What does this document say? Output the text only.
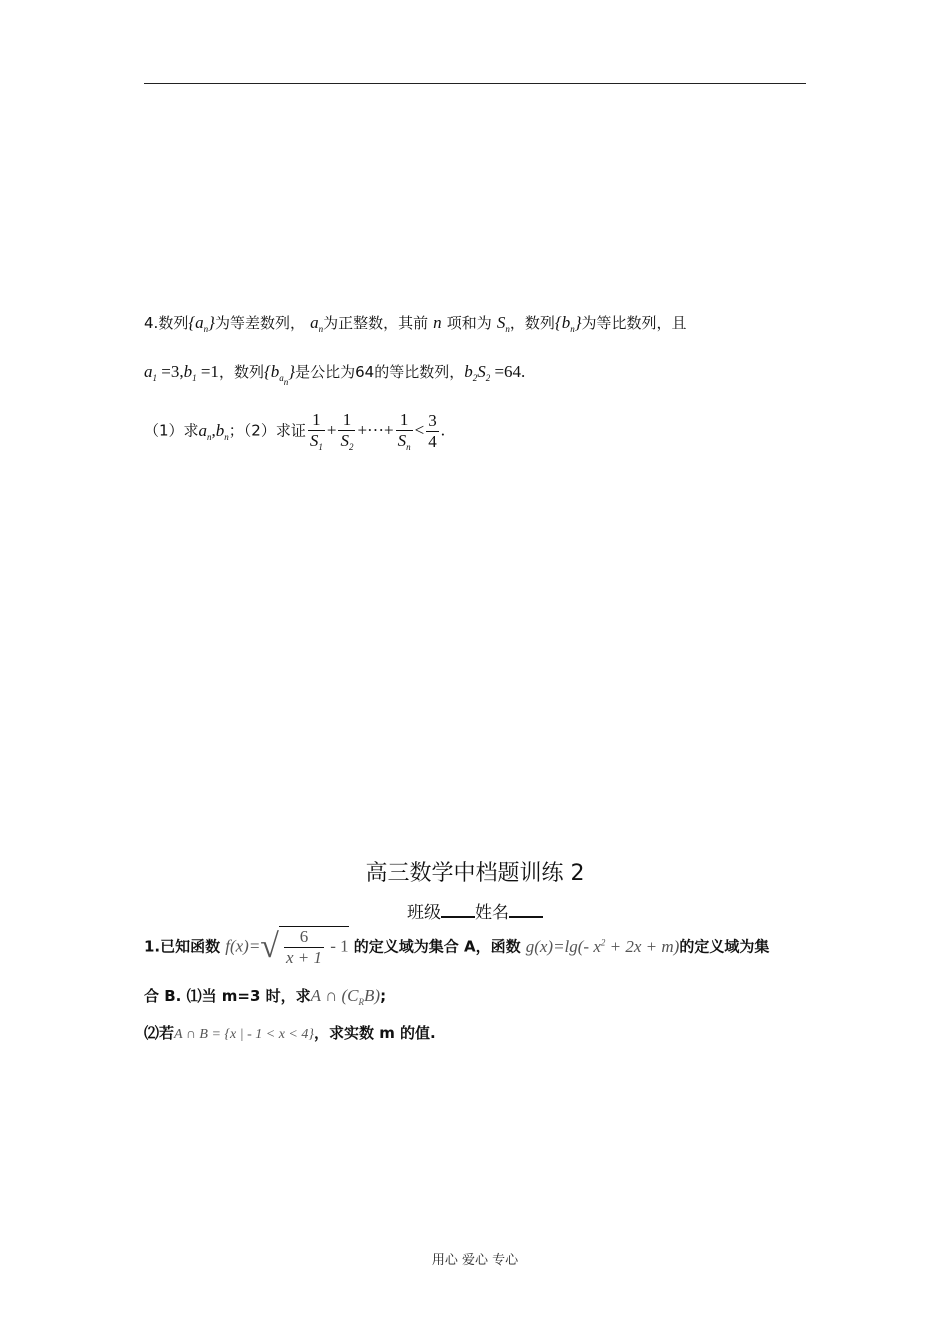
4.数列$\{a_n\}$为等差数列， $a_n$为正整数，其前 n 项和为 $S_n$，数列$\{b_n\}$为等比数列，且
$a_1 =3,b_1 =1$，数列$\{b_{a_n}\}$是公比为64的等比数列，$b_2S_2 =64$.
（1）求$a_n,b_n$；（2）求证 $\frac{1}{S_1} + \frac{1}{S_2}$ +···+ $\frac{1}{S_n} < \frac{3}{4}$ .
高三数学中档题训练 2
班级 姓名
1.已知函数 $f(x)=√ \frac{6}{x + 1} - 1$ 的定义域为集合 A，函数 g(x)=lg(- $x^2 + 2x + m$)的定义域为集
合 B. ⑴当 m=3 时，求A ∩ $(C_RB)$;
⑵若A ∩ B = {x | - 1 < x < 4}，求实数 m 的值.
用心 爱心 专心
